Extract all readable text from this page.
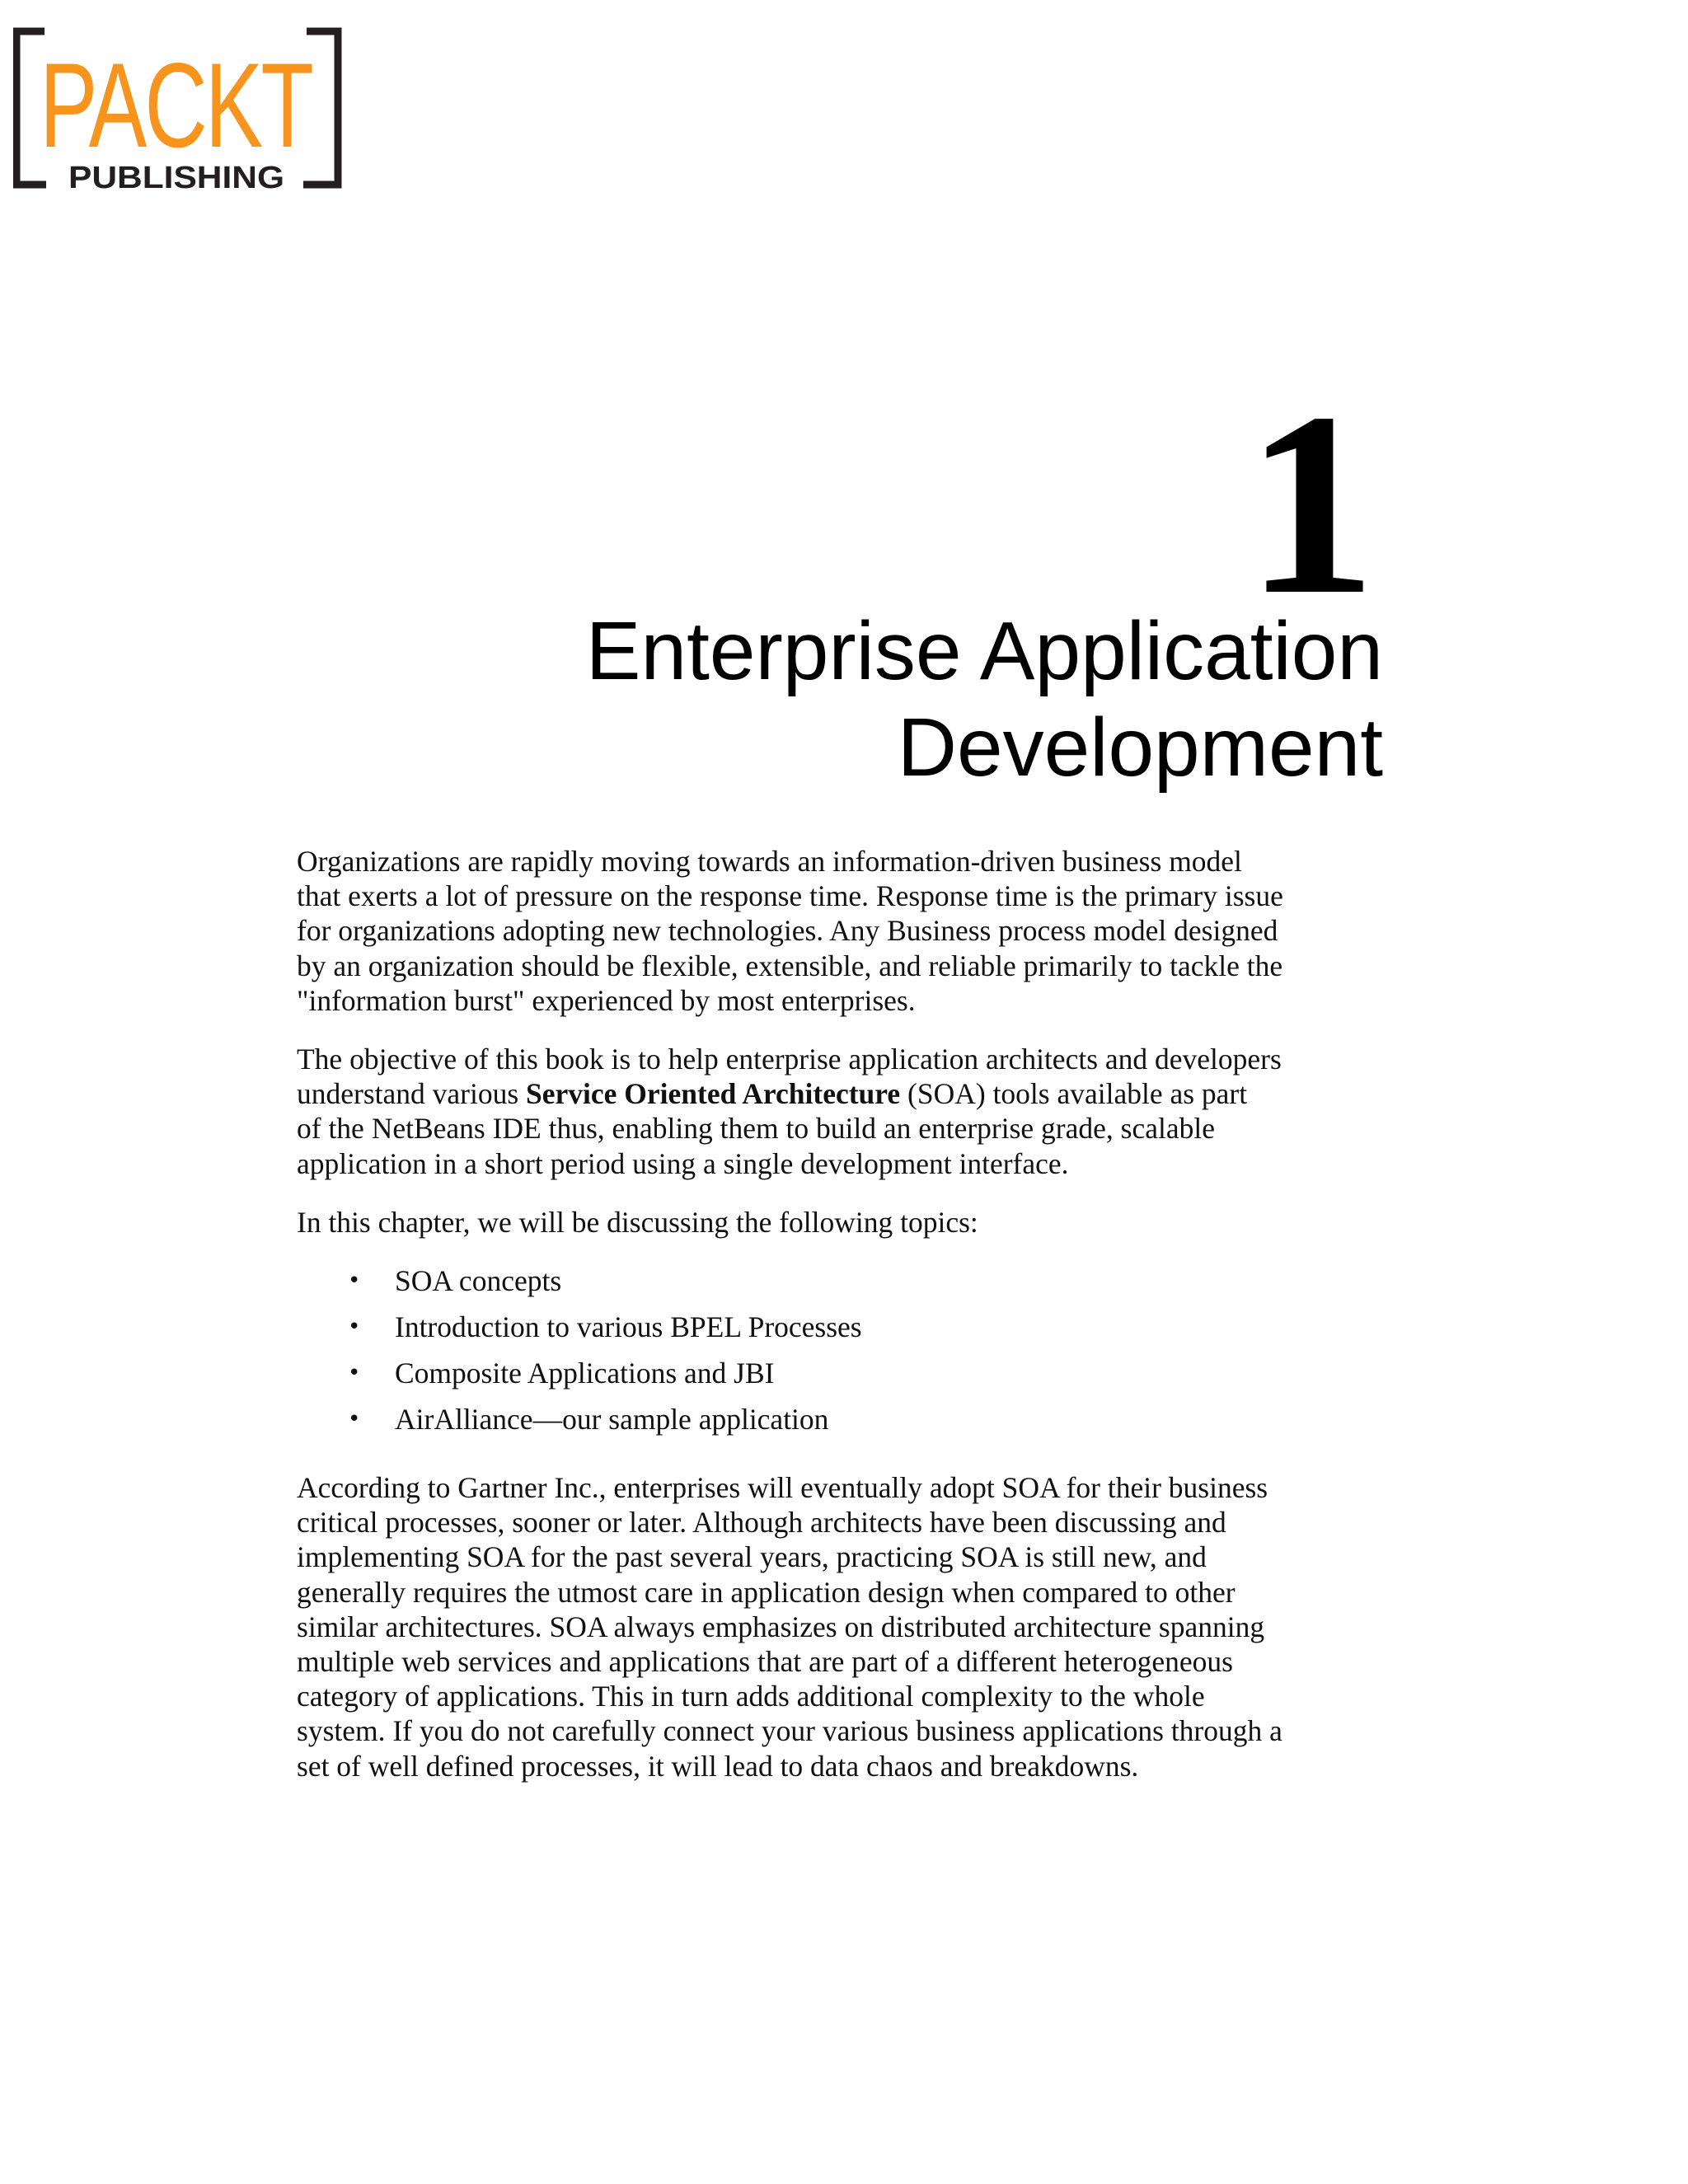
PACKT
PUBLISHING
1
Enterprise Application
Development

Organizations are rapidly moving towards an information-driven business model
that exerts a lot of pressure on the response time. Response time is the primary issue
for organizations adopting new technologies. Any Business process model designed
by an organization should be flexible, extensible, and reliable primarily to tackle the
"information burst" experienced by most enterprises.

The objective of this book is to help enterprise application architects and developers
understand various Service Oriented Architecture (SOA) tools available as part
of the NetBeans IDE thus, enabling them to build an enterprise grade, scalable
application in a short period using a single development interface.

In this chapter, we will be discussing the following topics:

• SOA concepts
• Introduction to various BPEL Processes
• Composite Applications and JBI
• AirAlliance—our sample application

According to Gartner Inc., enterprises will eventually adopt SOA for their business
critical processes, sooner or later. Although architects have been discussing and
implementing SOA for the past several years, practicing SOA is still new, and
generally requires the utmost care in application design when compared to other
similar architectures. SOA always emphasizes on distributed architecture spanning
multiple web services and applications that are part of a different heterogeneous
category of applications. This in turn adds additional complexity to the whole
system. If you do not carefully connect your various business applications through a
set of well defined processes, it will lead to data chaos and breakdowns.
